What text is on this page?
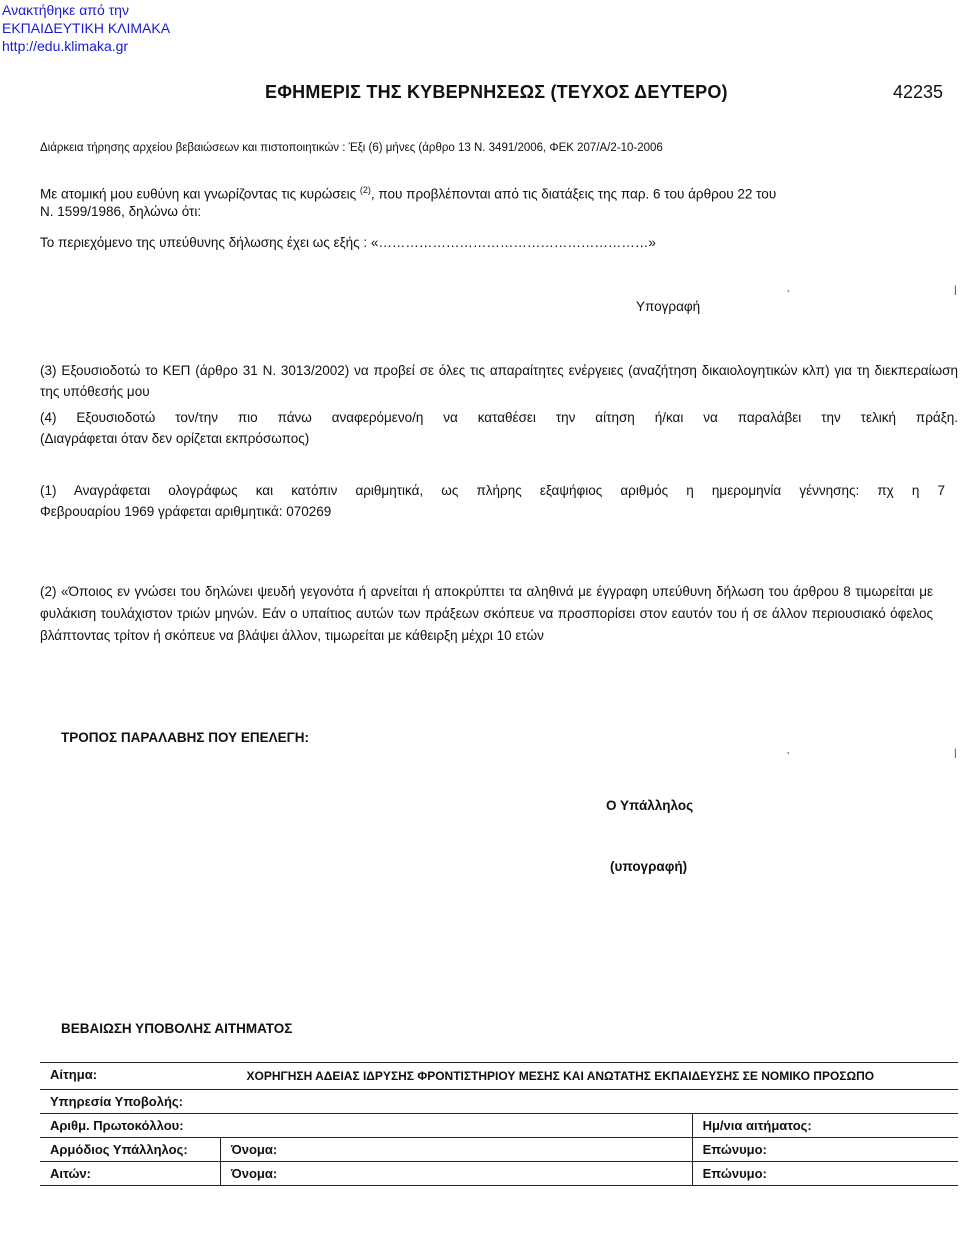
Ανακτήθηκε από την
ΕΚΠΑΙΔΕΥΤΙΚΗ ΚΛΙΜΑΚΑ
http://edu.klimaka.gr
ΕΦΗΜΕΡΙΣ ΤΗΣ ΚΥΒΕΡΝΗΣΕΩΣ (ΤΕΥΧΟΣ ΔΕΥΤΕΡΟ)	42235
Διάρκεια τήρησης αρχείου βεβαιώσεων και πιστοποιητικών : Έξι (6) μήνες (άρθρο 13 Ν. 3491/2006, ΦΕΚ 207/Α/2-10-2006
Με ατομική μου ευθύνη και γνωρίζοντας τις κυρώσεις $^{(2)}$, που προβλέπονται από τις διατάξεις της παρ. 6 του άρθρου 22 του
Ν. 1599/1986, δηλώνω ότι:
Το περιεχόμενο της υπεύθυνης δήλωσης έχει ως εξής : «……………………………………………………»
Υπογραφή
‚	|
(3) Εξουσιοδοτώ το ΚΕΠ (άρθρο 31 Ν. 3013/2002) να προβεί σε όλες τις απαραίτητες ενέργειες (αναζήτηση δικαιολογητικών κλπ) για τη διεκπεραίωση της υπόθεσής μου
(4) Εξουσιοδοτώ τον/την πιο πάνω αναφερόμενο/η να καταθέσει την αίτηση ή/και να παραλάβει την τελική πράξη.
(Διαγράφεται όταν δεν ορίζεται εκπρόσωπος)
(1) Αναγράφεται ολογράφως και κατόπιν αριθμητικά, ως πλήρης εξαψήφιος αριθμός η ημερομηνία γέννησης: πχ η 7
Φεβρουαρίου 1969 γράφεται αριθμητικά: 070269
(2) «Όποιος εν γνώσει του δηλώνει ψευδή γεγονότα ή αρνείται ή αποκρύπτει τα αληθινά με έγγραφη υπεύθυνη δήλωση του άρθρου 8 τιμωρείται με φυλάκιση τουλάχιστον τριών μηνών. Εάν ο υπαίτιος αυτών των πράξεων σκόπευε να προσπορίσει στον εαυτόν του ή σε άλλον περιουσιακό όφελος βλάπτοντας τρίτον ή σκόπευε να βλάψει άλλον, τιμωρείται με κάθειρξη μέχρι 10 ετών
ΤΡΟΠΟΣ ΠΑΡΑΛΑΒΗΣ ΠΟΥ ΕΠΕΛΕΓΗ:
‚	|
Ο Υπάλληλος
(υπογραφή)
ΒΕΒΑΙΩΣΗ ΥΠΟΒΟΛΗΣ ΑΙΤΗΜΑΤΟΣ
Αίτημα:	ΧΟΡΗΓΗΣΗ ΑΔΕΙΑΣ ΙΔΡΥΣΗΣ ΦΡΟΝΤΙΣΤΗΡΙΟΥ ΜΕΣΗΣ ΚΑΙ ΑΝΩΤΑΤΗΣ ΕΚΠΑΙΔΕΥΣΗΣ ΣΕ ΝΟΜΙΚΟ ΠΡΟΣΩΠΟ	
Υπηρεσία Υποβολής:		
Αριθμ. Πρωτοκόλλου:		Ημ/νια αιτήματος:
Αρμόδιος Υπάλληλος:	Όνομα:	Επώνυμο:
Αιτών:	Όνομα:	Επώνυμο:
